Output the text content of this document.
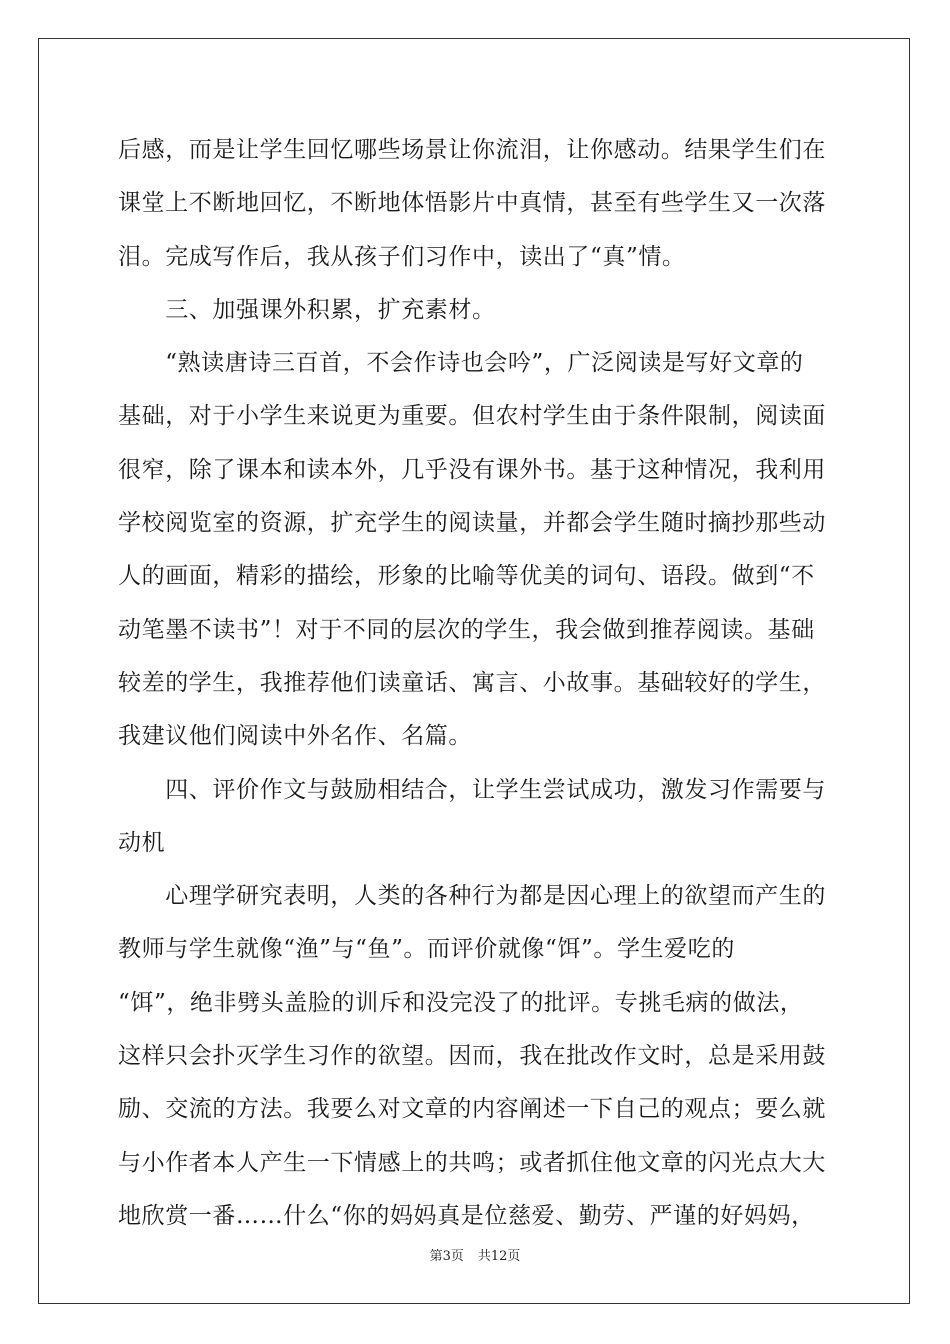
后感，而是让学生回忆哪些场景让你流泪，让你感动。结果学生们在
课堂上不断地回忆，不断地体悟影片中真情，甚至有些学生又一次落
泪。完成写作后，我从孩子们习作中，读出了“真”情。
　　三、加强课外积累，扩充素材。
　　“熟读唐诗三百首，不会作诗也会吟”，广泛阅读是写好文章的
基础，对于小学生来说更为重要。但农村学生由于条件限制，阅读面
很窄，除了课本和读本外，几乎没有课外书。基于这种情况，我利用
学校阅览室的资源，扩充学生的阅读量，并都会学生随时摘抄那些动
人的画面，精彩的描绘，形象的比喻等优美的词句、语段。做到“不
动笔墨不读书”！对于不同的层次的学生，我会做到推荐阅读。基础
较差的学生，我推荐他们读童话、寓言、小故事。基础较好的学生，
我建议他们阅读中外名作、名篇。
　　四、评价作文与鼓励相结合，让学生尝试成功，激发习作需要与
动机
　　心理学研究表明，人类的各种行为都是因心理上的欲望而产生的
教师与学生就像“渔”与“鱼”。而评价就像“饵”。学生爱吃的
“饵”，绝非劈头盖脸的训斥和没完没了的批评。专挑毛病的做法，
这样只会扑灭学生习作的欲望。因而，我在批改作文时，总是采用鼓
励、交流的方法。我要么对文章的内容阐述一下自己的观点；要么就
与小作者本人产生一下情感上的共鸣；或者抓住他文章的闪光点大大
地欣赏一番……什么“你的妈妈真是位慈爱、勤劳、严谨的好妈妈，
第3页 共12页
